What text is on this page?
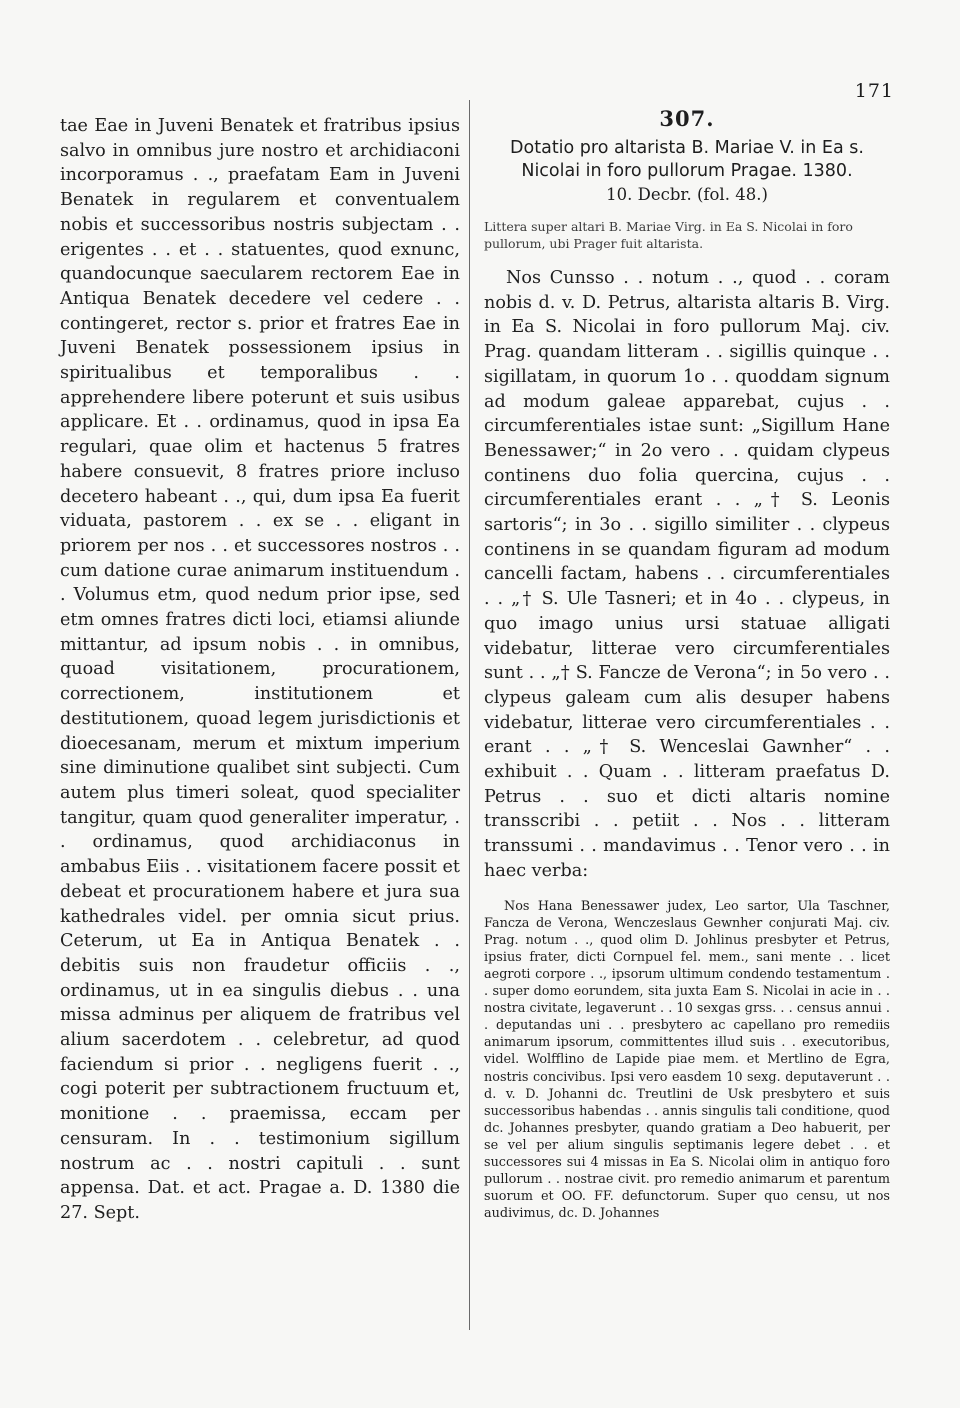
171

tae Eae in Juveni Benatek et fratribus ipsius salvo in omnibus jure nostro et archidiaconi incorporamus . ., praefatam Eam in Juveni Benatek in regularem et conventualem nobis et successoribus nostris subjectam . . erigentes . . et . . statuentes, quod exnunc, quandocunque saecularem rectorem Eae in Antiqua Benatek decedere vel cedere . . contingeret, rector s. prior et fratres Eae in Juveni Benatek possessionem ipsius in spiritualibus et temporalibus . . apprehendere libere poterunt et suis usibus applicare. Et . . ordinamus, quod in ipsa Ea regulari, quae olim et hactenus 5 fratres habere consuevit, 8 fratres priore incluso decetero habeant . ., qui, dum ipsa Ea fuerit viduata, pastorem . . ex se . . eligant in priorem per nos . . et successores nostros . . cum datione curae animarum instituendum . . Volumus etm, quod nedum prior ipse, sed etm omnes fratres dicti loci, etiamsi aliunde mittantur, ad ipsum nobis . . in omnibus, quoad visitationem, procurationem, correctionem, institutionem et destitutionem, quoad legem jurisdictionis et dioecesanam, merum et mixtum imperium sine diminutione qualibet sint subjecti. Cum autem plus timeri soleat, quod specialiter tangitur, quam quod generaliter imperatur, . . ordinamus, quod archidiaconus in ambabus Eiis . . visitationem facere possit et debeat et procurationem habere et jura sua kathedrales videl. per omnia sicut prius. Ceterum, ut Ea in Antiqua Benatek . . debitis suis non fraudetur officiis . ., ordinamus, ut in ea singulis diebus . . una missa adminus per aliquem de fratribus vel alium sacerdotem . . celebretur, ad quod faciendum si prior . . negligens fuerit . ., cogi poterit per subtractionem fructuum et, monitione . . praemissa, eccam per censuram. In . . testimonium sigillum nostrum ac . . nostri capituli . . sunt appensa. Dat. et act. Pragae a. D. 1380 die 27. Sept.

307.

Dotatio pro altarista B. Mariae V. in Ea s.

Nicolai in foro pullorum Pragae. 1380.

10. Decbr. (fol. 48.)

Littera super altari B. Mariae Virg. in Ea S. Nicolai in foro pullorum, ubi Prager fuit altarista.

Nos Cunsso . . notum . ., quod . . coram nobis d. v. D. Petrus, altarista altaris B. Virg. in Ea S. Nicolai in foro pullorum Maj. civ. Prag. quandam litteram . . sigillis quinque . . sigillatam, in quorum 1o . . quoddam signum ad modum galeae apparebat, cujus . . circumferentiales istae sunt: „Sigillum Hane Benessawer;“ in 2o vero . . quidam clypeus continens duo folia quercina, cujus . . circumferentiales erant . . „† S. Leonis sartoris“; in 3o . . sigillo similiter . . clypeus continens in se quandam figuram ad modum cancelli factam, habens . . circumferentiales . . „† S. Ule Tasneri; et in 4o . . clypeus, in quo imago unius ursi statuae alligati videbatur, litterae vero circumferentiales sunt . . „† S. Fancze de Verona“; in 5o vero . . clypeus galeam cum alis desuper habens videbatur, litterae vero circumferentiales . . erant . . „† S. Wenceslai Gawnher“ . . exhibuit . . Quam . . litteram praefatus D. Petrus . . suo et dicti altaris nomine transscribi . . petiit . . Nos . . litteram transsumi . . mandavimus . . Tenor vero . . in haec verba:

Nos Hana Benessawer judex, Leo sartor, Ula Taschner, Fancza de Verona, Wenczeslaus Gewnher conjurati Maj. civ. Prag. notum . ., quod olim D. Johlinus presbyter et Petrus, ipsius frater, dicti Cornpuel fel. mem., sani mente . . licet aegroti corpore . ., ipsorum ultimum condendo testamentum . . super domo eorundem, sita juxta Eam S. Nicolai in acie in . . nostra civitate, legaverunt . . 10 sexgas grss. . . census annui . . deputandas uni . . presbytero ac capellano pro remediis animarum ipsorum, committentes illud suis . . executoribus, videl. Wolfflino de Lapide piae mem. et Mertlino de Egra, nostris concivibus. Ipsi vero easdem 10 sexg. deputaverunt . . d. v. D. Johanni dc. Treutlini de Usk presbytero et suis successoribus habendas . . annis singulis tali conditione, quod dc. Johannes presbyter, quando gratiam a Deo habuerit, per se vel per alium singulis septimanis legere debet . . et successores sui 4 missas in Ea S. Nicolai olim in antiquo foro pullorum . . nostrae civit. pro remedio animarum et parentum suorum et OO. FF. defunctorum. Super quo censu, ut nos audivimus, dc. D. Johannes
